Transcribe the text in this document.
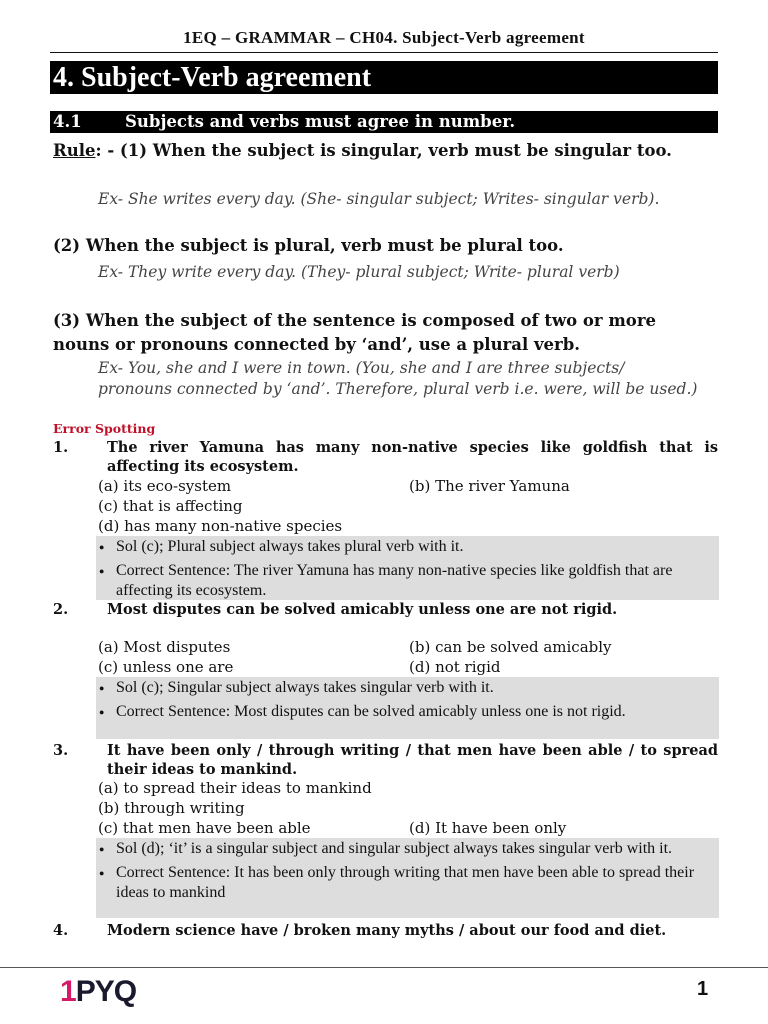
1EQ – GRAMMAR – CH04. Subject-Verb agreement
4. Subject-Verb agreement
4.1	Subjects and verbs must agree in number.
Rule: - (1) When the subject is singular, verb must be singular too.
Ex- She writes every day. (She- singular subject; Writes- singular verb).
(2) When the subject is plural, verb must be plural too.
Ex- They write every day. (They- plural subject; Write- plural verb)
(3) When the subject of the sentence is composed of two or more nouns or pronouns connected by ‘and’, use a plural verb.
Ex- You, she and I were in town. (You, she and I are three subjects/ pronouns connected by ‘and’. Therefore, plural verb i.e. were, will be used.)
Error Spotting
1.	The river Yamuna has many non-native species like goldfish that is affecting its ecosystem.
(a) its eco-system	(b) The river Yamuna
(c) that is affecting
(d) has many non-native species
● Sol (c); Plural subject always takes plural verb with it.
● Correct Sentence: The river Yamuna has many non-native species like goldfish that are affecting its ecosystem.
2.	Most disputes can be solved amicably unless one are not rigid.
(a) Most disputes	(b) can be solved amicably
(c) unless one are	(d) not rigid
● Sol (c); Singular subject always takes singular verb with it.
● Correct Sentence: Most disputes can be solved amicably unless one is not rigid.
3.	It have been only / through writing / that men have been able / to spread their ideas to mankind.
(a) to spread their ideas to mankind
(b) through writing
(c) that men have been able	(d) It have been only
● Sol (d); ‘it’ is a singular subject and singular subject always takes singular verb with it.
● Correct Sentence: It has been only through writing that men have been able to spread their ideas to mankind
4.	Modern science have / broken many myths / about our food and diet.
1PYQ	1
